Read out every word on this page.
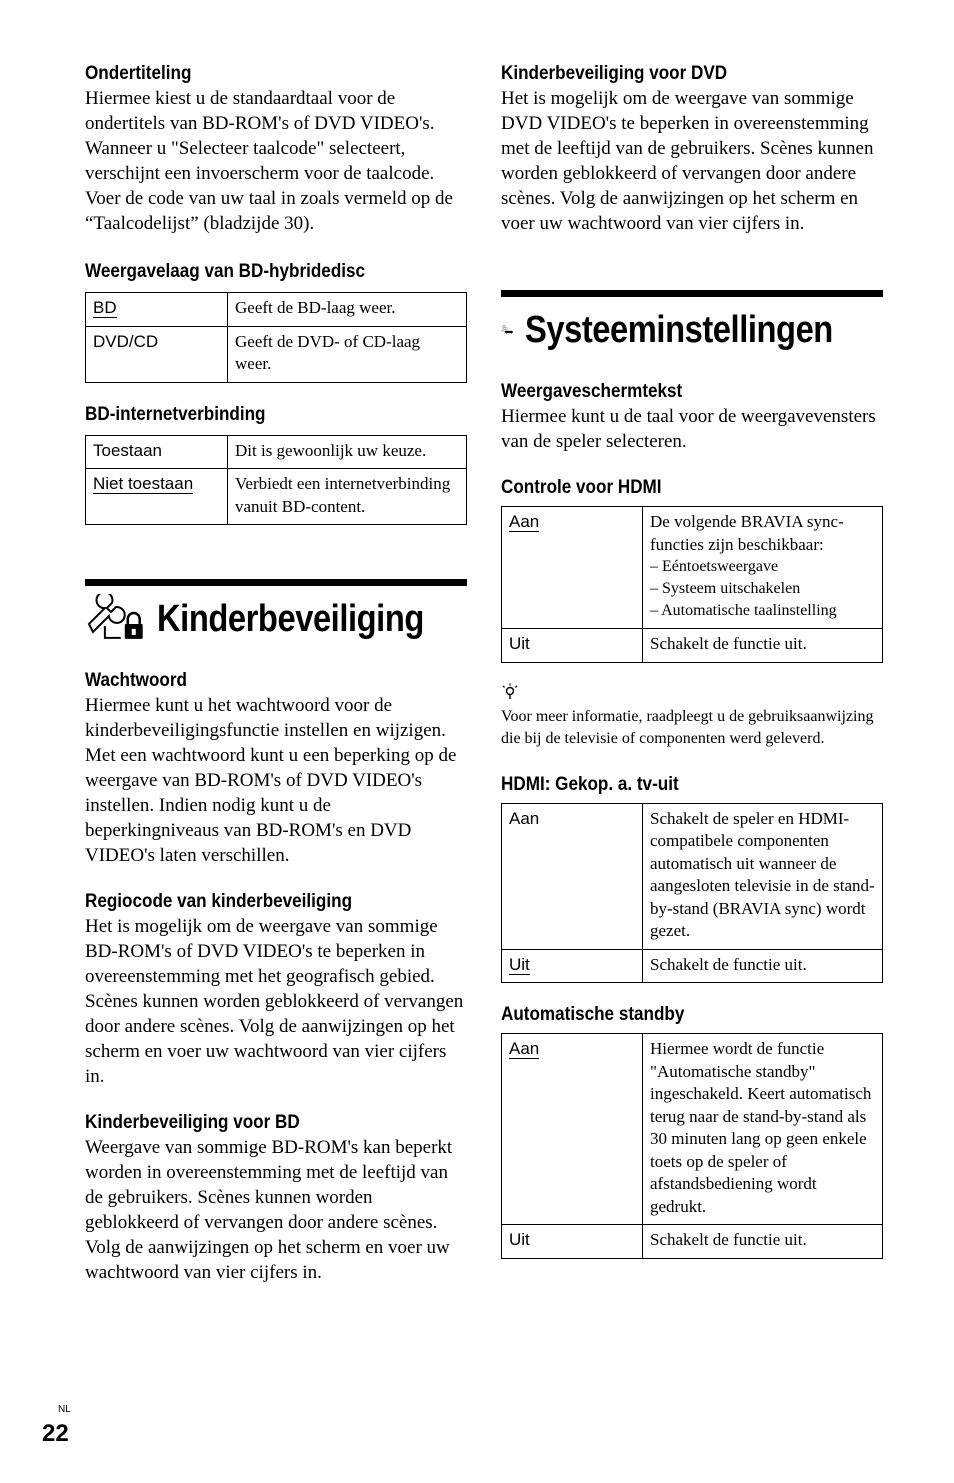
Ondertiteling

Hiermee kiest u de standaardtaal voor de ondertitels van BD-ROM's of DVD VIDEO's.

Wanneer u "Selecteer taalcode" selecteert, verschijnt een invoerscherm voor de taalcode. Voer de code van uw taal in zoals vermeld op de “Taalcodelijst” (bladzijde 30).

Weergavelaag van BD-hybridedisc
BD	Geeft de BD-laag weer.
DVD/CD	Geeft de DVD- of CD-laag weer.
BD-internetverbinding
Toestaan	Dit is gewoonlijk uw keuze.
Niet toestaan	Verbiedt een internetverbinding vanuit BD-content.
Kinderbeveiliging
Wachtwoord

Hiermee kunt u het wachtwoord voor de kinderbeveiligingsfunctie instellen en wijzigen. Met een wachtwoord kunt u een beperking op de weergave van BD-ROM's of DVD VIDEO's instellen. Indien nodig kunt u de beperkingniveaus van BD-ROM's en DVD VIDEO's laten verschillen.

Regiocode van kinderbeveiliging

Het is mogelijk om de weergave van sommige BD-ROM's of DVD VIDEO's te beperken in overeenstemming met het geografisch gebied. Scènes kunnen worden geblokkeerd of vervangen door andere scènes. Volg de aanwijzingen op het scherm en voer uw wachtwoord van vier cijfers in.

Kinderbeveiliging voor BD

Weergave van sommige BD-ROM's kan beperkt worden in overeenstemming met de leeftijd van de gebruikers. Scènes kunnen worden geblokkeerd of vervangen door andere scènes. Volg de aanwijzingen op het scherm en voer uw wachtwoord van vier cijfers in.

Kinderbeveiliging voor DVD

Het is mogelijk om de weergave van sommige DVD VIDEO's te beperken in overeenstemming met de leeftijd van de gebruikers. Scènes kunnen worden geblokkeerd of vervangen door andere scènes. Volg de aanwijzingen op het scherm en voer uw wachtwoord van vier cijfers in.

Systeeminstellingen
Weergaveschermtekst

Hiermee kunt u de taal voor de weergavevensters van de speler selecteren.

Controle voor HDMI
Aan	De volgende BRAVIA sync-functies zijn beschikbaar:
– Eéntoetsweergave
– Systeem uitschakelen
– Automatische taalinstelling

Uit	Schakelt de functie uit.

Voor meer informatie, raadpleegt u de gebruiksaanwijzing die bij de televisie of componenten werd geleverd.

HDMI: Gekop. a. tv-uit
Aan	Schakelt de speler en HDMI-compatibele componenten automatisch uit wanneer de aangesloten televisie in de stand-by-stand (BRAVIA sync) wordt gezet.
Uit	Schakelt de functie uit.
Automatische standby
Aan	Hiermee wordt de functie "Automatische standby" ingeschakeld. Keert automatisch terug naar de stand-by-stand als 30 minuten lang op geen enkele toets op de speler of afstandsbediening wordt gedrukt.
Uit	Schakelt de functie uit.
NL
22
